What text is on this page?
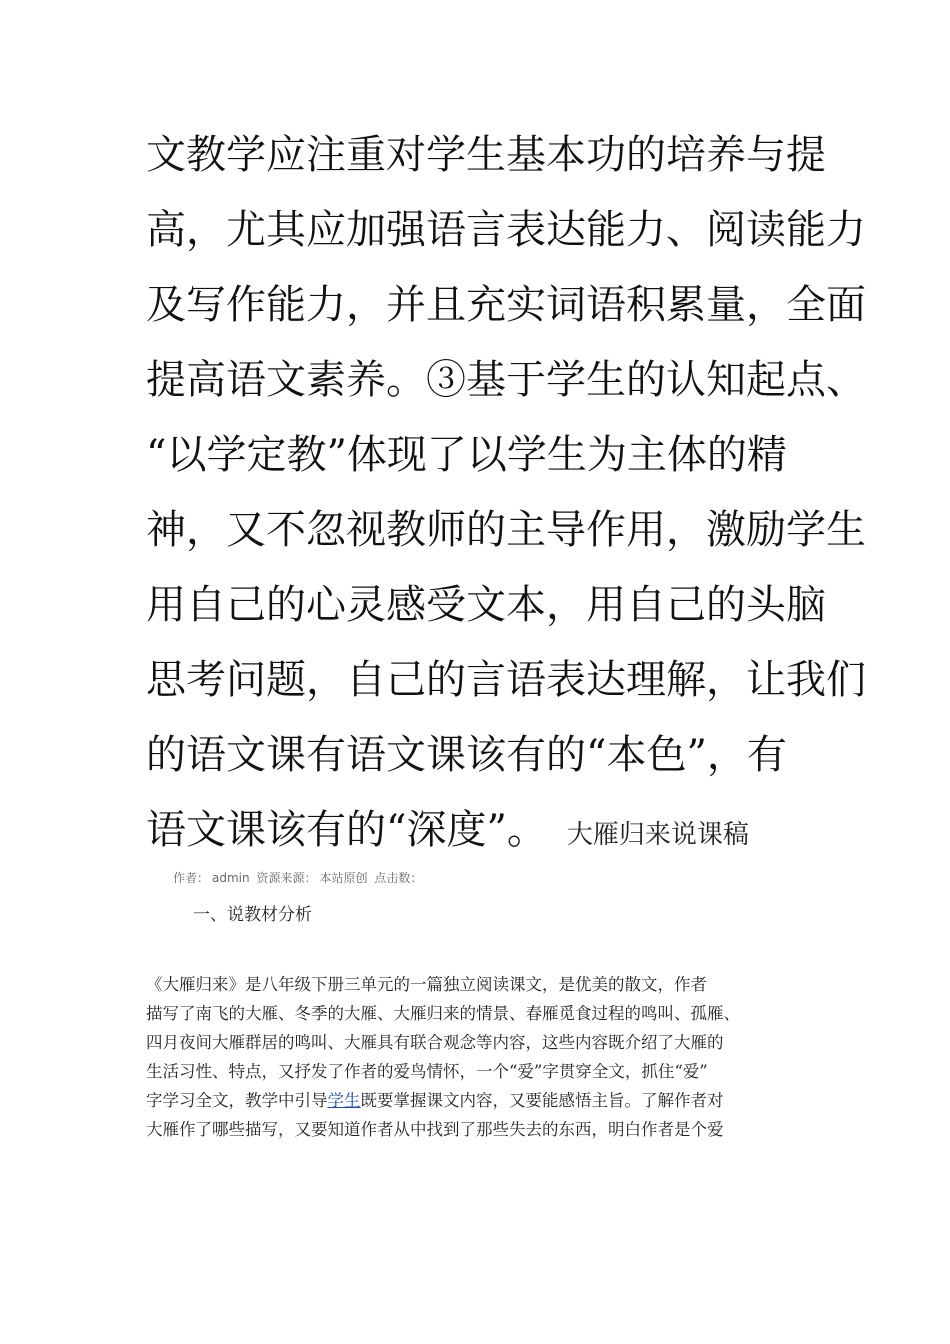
文教学应注重对学生基本功的培养与提
高，尤其应加强语言表达能力、阅读能力
及写作能力，并且充实词语积累量，全面
提高语文素养。③基于学生的认知起点、
“以学定教”体现了以学生为主体的精
神，又不忽视教师的主导作用，激励学生
用自己的心灵感受文本，用自己的头脑
思考问题，自己的言语表达理解，让我们
的语文课有语文课该有的“本色”，有
语文课该有的“深度”。 大雁归来说课稿
作者： admin 资源来源： 本站原创 点击数：
一、说教材分析
《大雁归来》是八年级下册三单元的一篇独立阅读课文，是优美的散文，作者
描写了南飞的大雁、冬季的大雁、大雁归来的情景、春雁觅食过程的鸣叫、孤雁、
四月夜间大雁群居的鸣叫、大雁具有联合观念等内容，这些内容既介绍了大雁的
生活习性、特点，又抒发了作者的爱鸟情怀，一个“爱”字贯穿全文，抓住“爱”
字学习全文，教学中引导学生既要掌握课文内容，又要能感悟主旨。了解作者对
大雁作了哪些描写，又要知道作者从中找到了那些失去的东西，明白作者是个爱
